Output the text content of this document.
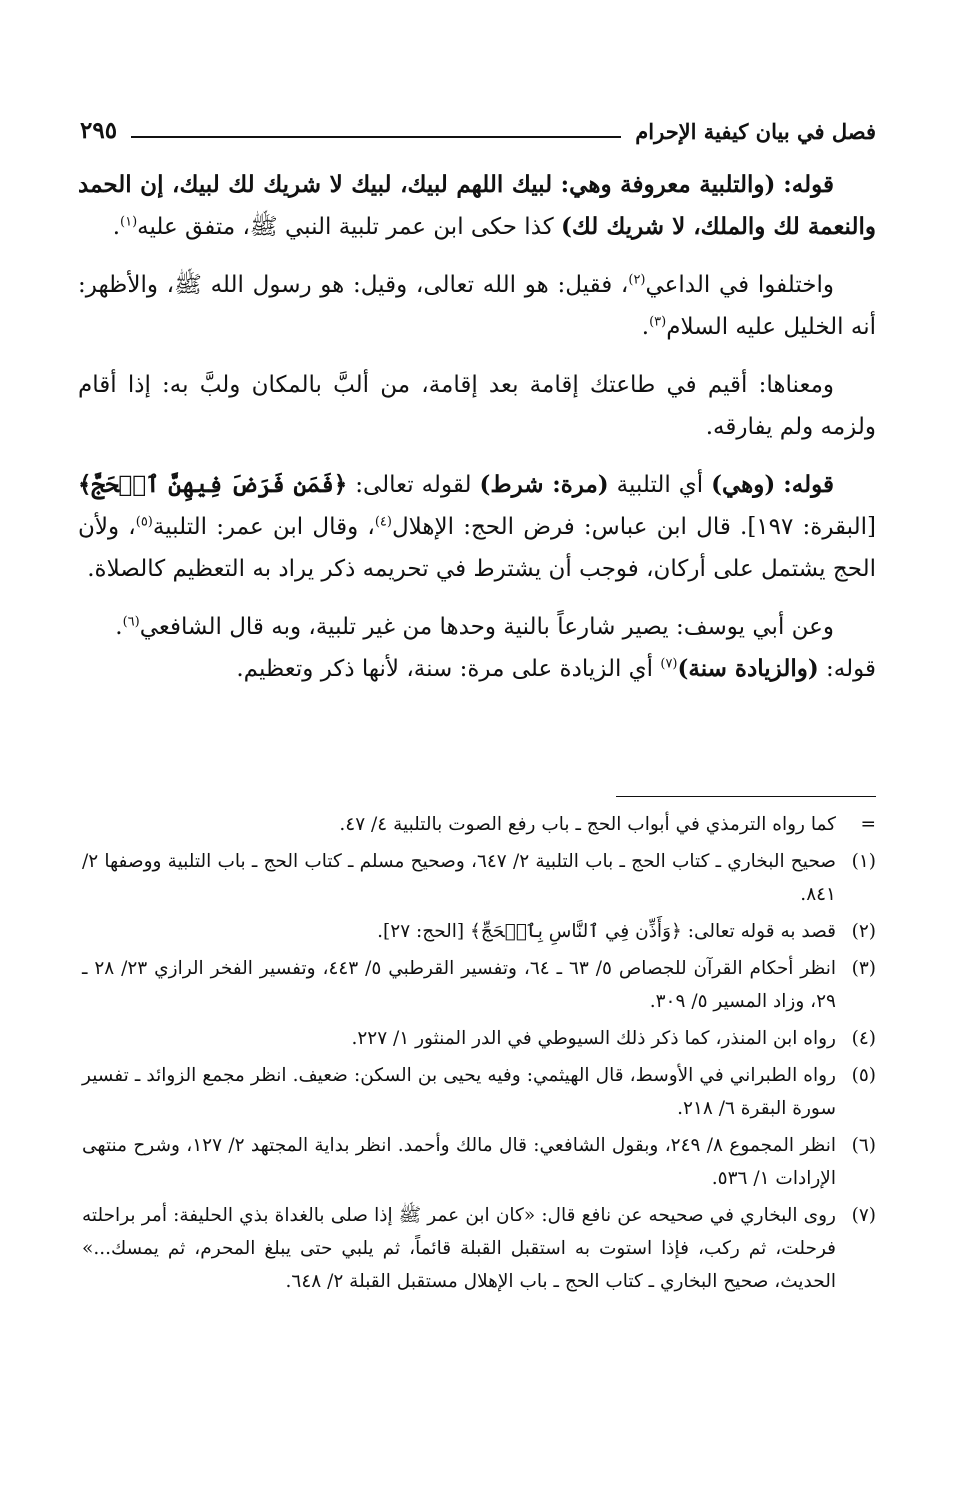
فصل في بيان كيفية الإحرام
٢٩٥

قوله: (والتلبية معروفة وهي: لبيك اللهم لبيك، لبيك لا شريك لك لبيك، إن الحمد والنعمة لك والملك، لا شريك لك) كذا حكى ابن عمر تلبية النبي ﷺ، متفق عليه$^{(١)}$.

واختلفوا في الداعي$^{(٢)}$، فقيل: هو الله تعالى، وقيل: هو رسول الله ﷺ، والأظهر: أنه الخليل عليه السلام$^{(٣)}$.

ومعناها: أقيم في طاعتك إقامة بعد إقامة، من ألبَّ بالمكان ولبَّ به: إذا أقام ولزمه ولم يفارقه.

قوله: (وهي) أي التلبية (مرة: شرط) لقوله تعالى: ﴿فَمَن فَرَضَ فِيهِنَّ ٱلۡحَجَّ﴾ [البقرة: ١٩٧]. قال ابن عباس: فرض الحج: الإهلال$^{(٤)}$، وقال ابن عمر: التلبية$^{(٥)}$، ولأن الحج يشتمل على أركان، فوجب أن يشترط في تحريمه ذكر يراد به التعظيم كالصلاة.

وعن أبي يوسف: يصير شارعاً بالنية وحدها من غير تلبية، وبه قال الشافعي$^{(٦)}$.

قوله: (والزيادة سنة)$^{(٧)}$ أي الزيادة على مرة: سنة، لأنها ذكر وتعظيم.

=
كما رواه الترمذي في أبواب الحج ـ باب رفع الصوت بالتلبية ٤/ ٤٧.
(١)
صحيح البخاري ـ كتاب الحج ـ باب التلبية ٢/ ٦٤٧، وصحيح مسلم ـ كتاب الحج ـ باب التلبية ووصفها ٢/ ٨٤١.
(٢)
قصد به قوله تعالى: ﴿وَأَذِّن فِي ٱلنَّاسِ بِٱلۡحَجِّ﴾ [الحج: ٢٧].
(٣)
انظر أحكام القرآن للجصاص ٥/ ٦٣ ـ ٦٤، وتفسير القرطبي ٥/ ٤٤٣، وتفسير الفخر الرازي ٢٣/ ٢٨ ـ ٢٩، وزاد المسير ٥/ ٣٠٩.
(٤)
رواه ابن المنذر، كما ذكر ذلك السيوطي في الدر المنثور ١/ ٢٢٧.
(٥)
رواه الطبراني في الأوسط، قال الهيثمي: وفيه يحيى بن السكن: ضعيف. انظر مجمع الزوائد ـ تفسير سورة البقرة ٦/ ٢١٨.
(٦)
انظر المجموع ٨/ ٢٤٩، وبقول الشافعي: قال مالك وأحمد. انظر بداية المجتهد ٢/ ١٢٧، وشرح منتهى الإرادات ١/ ٥٣٦.
(٧)
روى البخاري في صحيحه عن نافع قال: «كان ابن عمر ﷺ إذا صلى بالغداة بذي الحليفة: أمر براحلته فرحلت، ثم ركب، فإذا استوت به استقبل القبلة قائماً، ثم يلبي حتى يبلغ المحرم، ثم يمسك...» الحديث، صحيح البخاري ـ كتاب الحج ـ باب الإهلال مستقبل القبلة ٢/ ٦٤٨.
